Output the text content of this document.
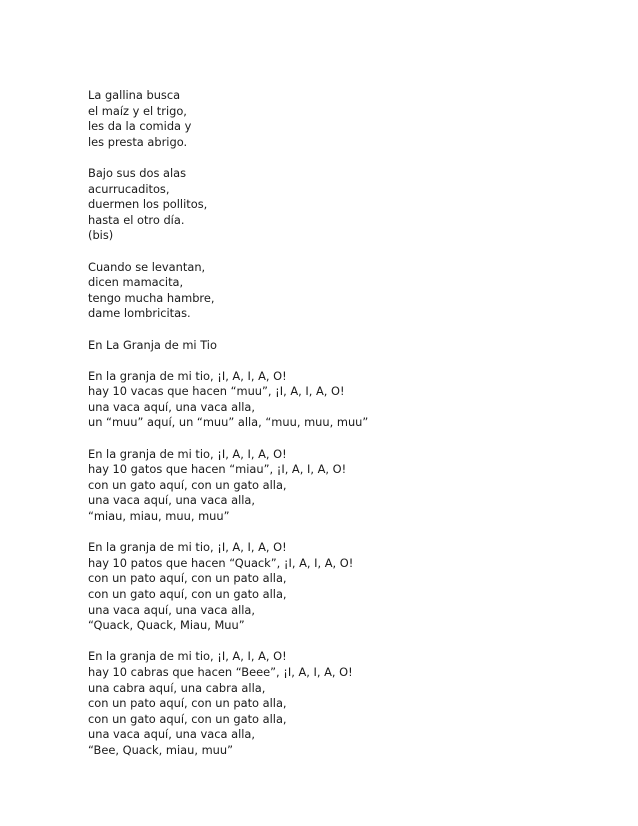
La gallina busca
el maíz y el trigo,
les da la comida y
les presta abrigo.
Bajo sus dos alas
acurrucaditos,
duermen los pollitos,
hasta el otro día.
(bis)
Cuando se levantan,
dicen mamacita,
tengo mucha hambre,
dame lombricitas.
En La Granja de mi Tio
En la granja de mi tio, ¡I, A, I, A, O!
hay 10 vacas que hacen “muu”, ¡I, A, I, A, O!
una vaca aquí, una vaca alla,
un “muu” aquí, un “muu” alla, “muu, muu, muu”
En la granja de mi tio, ¡I, A, I, A, O!
hay 10 gatos que hacen “miau”, ¡I, A, I, A, O!
con un gato aquí, con un gato alla,
una vaca aquí, una vaca alla,
“miau, miau, muu, muu”
En la granja de mi tio, ¡I, A, I, A, O!
hay 10 patos que hacen “Quack”, ¡I, A, I, A, O!
con un pato aquí, con un pato alla,
con un gato aquí, con un gato alla,
una vaca aquí, una vaca alla,
“Quack, Quack, Miau, Muu”
En la granja de mi tio, ¡I, A, I, A, O!
hay 10 cabras que hacen “Beee”, ¡I, A, I, A, O!
una cabra aquí, una cabra alla,
con un pato aquí, con un pato alla,
con un gato aquí, con un gato alla,
una vaca aquí, una vaca alla,
“Bee, Quack, miau, muu”
